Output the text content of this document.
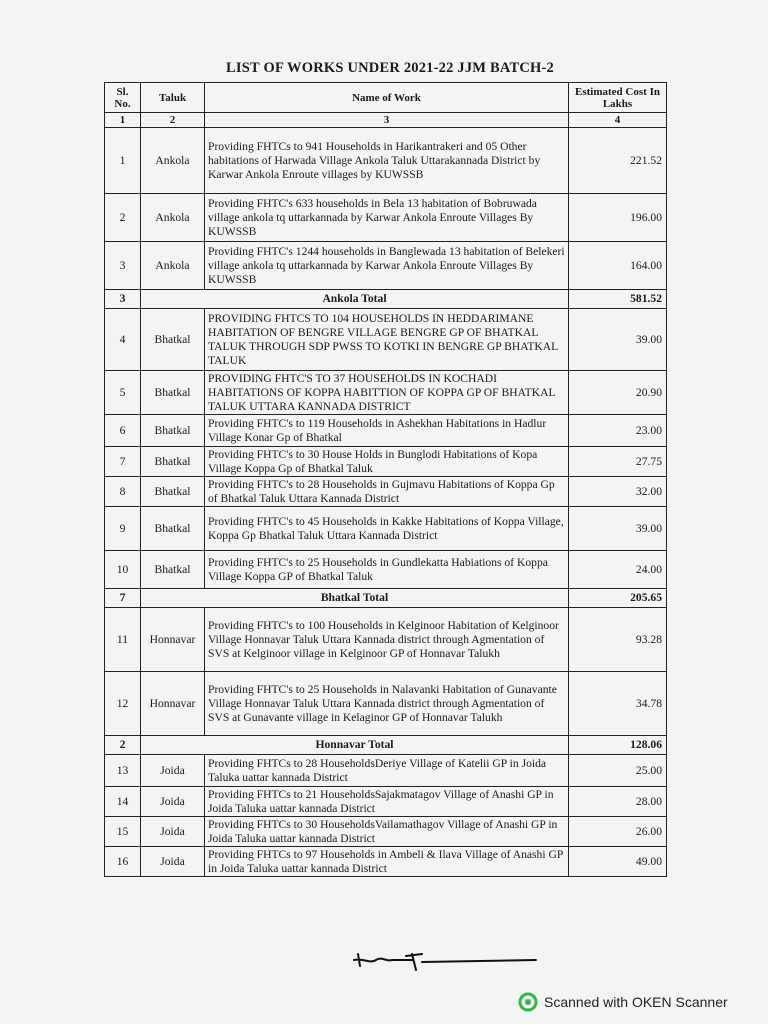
LIST OF WORKS UNDER 2021-22 JJM BATCH-2
Sl. No.	Taluk	Name of Work	Estimated Cost In Lakhs
1	2	3	4
1	Ankola	Providing FHTCs to 941 Households in Harikantrakeri and 05 Other habitations of Harwada Village Ankola Taluk Uttarakannada District by Karwar Ankola Enroute villages by KUWSSB	221.52
2	Ankola	Providing FHTC's 633 households in Bela 13 habitation of Bobruwada village ankola tq uttarkannada by Karwar Ankola Enroute Villages By KUWSSB	196.00
3	Ankola	Providing FHTC's 1244 households in Banglewada 13 habitation of Belekeri village ankola tq uttarkannada by Karwar Ankola Enroute Villages By KUWSSB	164.00
3	Ankola Total		581.52
4	Bhatkal	PROVIDING FHTCS TO 104 HOUSEHOLDS IN HEDDARIMANE HABITATION OF BENGRE VILLAGE BENGRE GP OF BHATKAL TALUK THROUGH SDP PWSS TO KOTKI IN BENGRE GP BHATKAL TALUK	39.00
5	Bhatkal	PROVIDING FHTC'S TO 37 HOUSEHOLDS IN KOCHADI HABITATIONS OF KOPPA HABITTION OF KOPPA GP OF BHATKAL TALUK UTTARA KANNADA DISTRICT	20.90
6	Bhatkal	Providing FHTC's to 119 Households in Ashekhan Habitations in Hadlur Village Konar Gp of Bhatkal	23.00
7	Bhatkal	Providing FHTC's to 30 House Holds in Bunglodi Habitations of Kopa Village Koppa Gp of Bhatkal Taluk	27.75
8	Bhatkal	Providing FHTC's to 28 Households in Gujmavu Habitations of Koppa Gp of Bhatkal Taluk Uttara Kannada District	32.00
9	Bhatkal	Providing FHTC's to 45 Households in Kakke Habitations of Koppa Village, Koppa Gp Bhatkal Taluk Uttara Kannada District	39.00
10	Bhatkal	Providing FHTC's to 25 Households in Gundlekatta Habiations of Koppa Village Koppa GP of Bhatkal Taluk	24.00
7	Bhatkal Total		205.65
11	Honnavar	Providing FHTC's to 100 Households in Kelginoor Habitation of Kelginoor Village Honnavar Taluk Uttara Kannada district through Agmentation of SVS at Kelginoor village in Kelginoor GP of Honnavar Talukh	93.28
12	Honnavar	Providing FHTC's to 25 Households in Nalavanki Habitation of Gunavante Village Honnavar Taluk Uttara Kannada district through Agmentation of SVS at Gunavante village in Kelaginor GP of Honnavar Talukh	34.78
2	Honnavar Total		128.06
13	Joida	Providing FHTCs to 28 HouseholdsDeriye Village of Katelii GP in Joida Taluka uattar kannada District	25.00
14	Joida	Providing FHTCs to 21 HouseholdsSajakmatagov Village of Anashi GP in Joida Taluka uattar kannada District	28.00
15	Joida	Providing FHTCs to 30 HouseholdsVailamathagov Village of Anashi GP in Joida Taluka uattar kannada District	26.00
16	Joida	Providing FHTCs to 97 Households in Ambeli & Ilava Village of Anashi GP in Joida Taluka uattar kannada District	49.00
Scanned with OKEN Scanner
